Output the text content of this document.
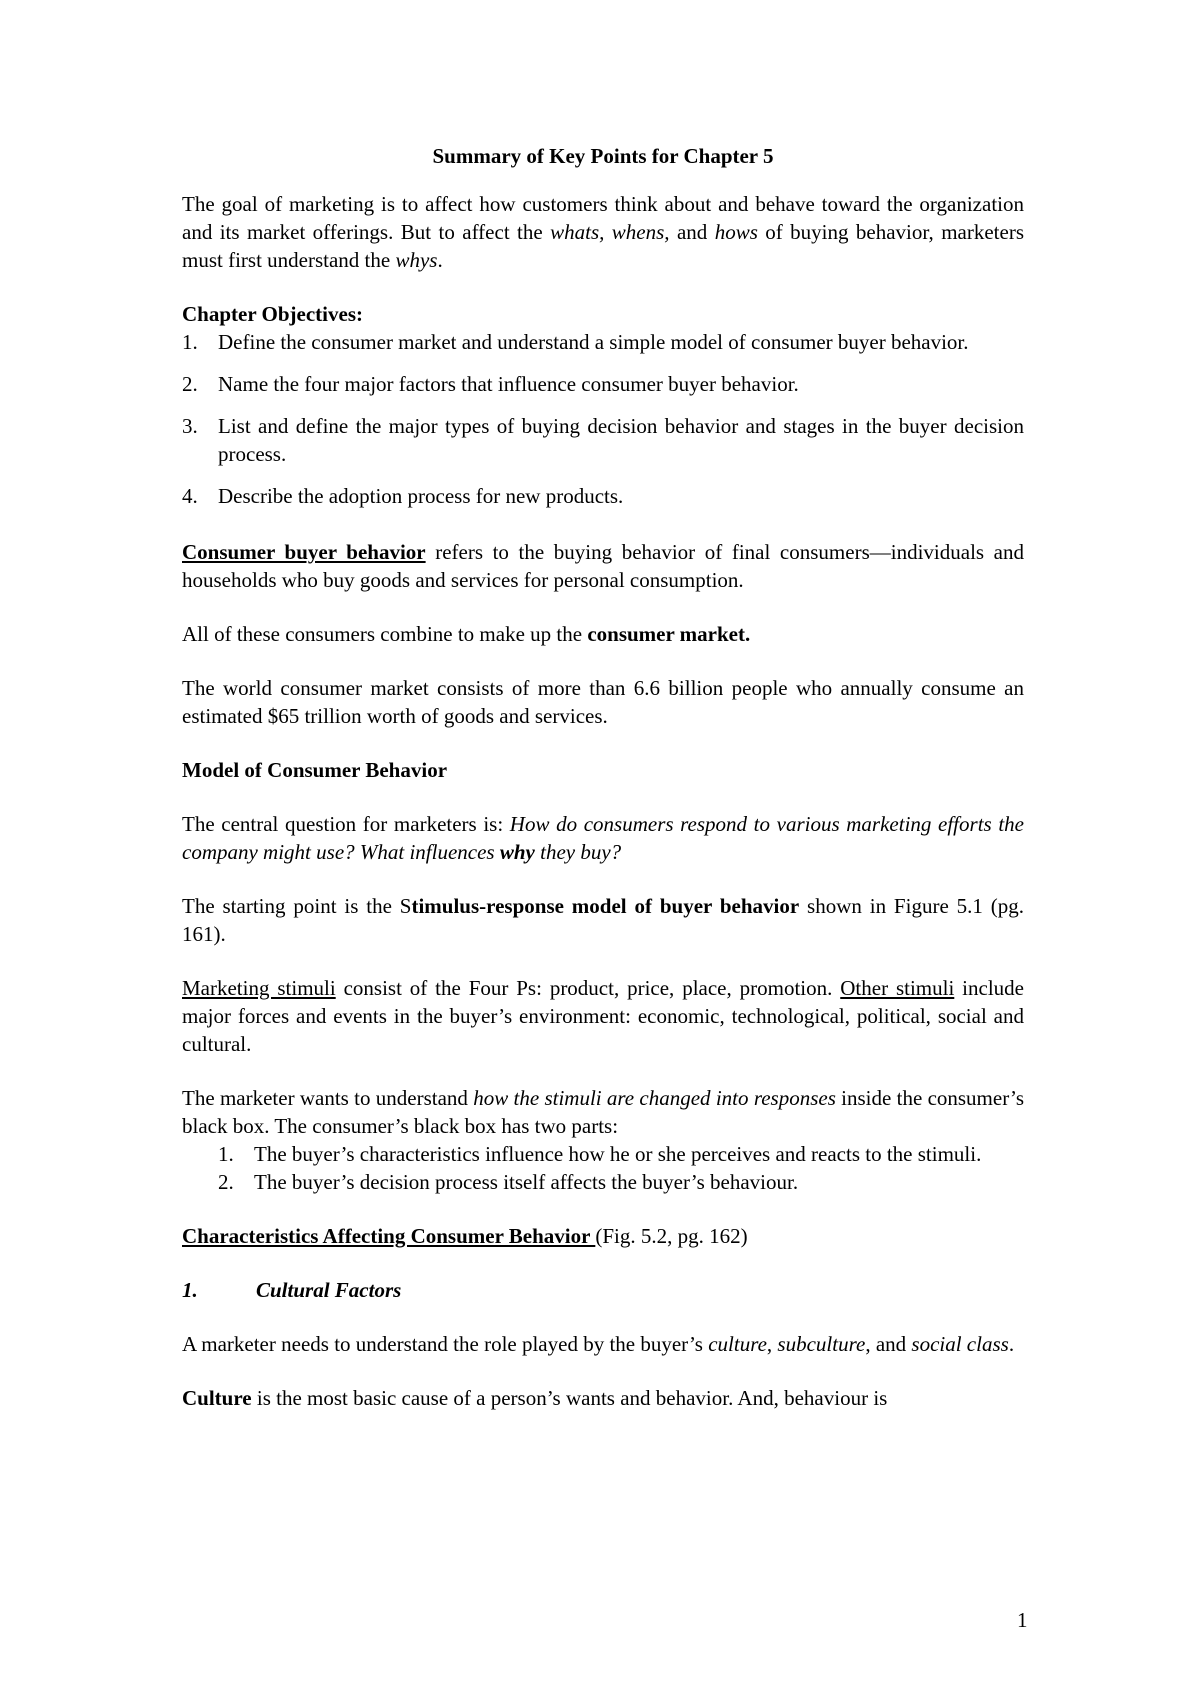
Summary of Key Points for Chapter 5

The goal of marketing is to affect how customers think about and behave toward the organization and its market offerings. But to affect the whats, whens, and hows of buying behavior, marketers must first understand the whys.

Chapter Objectives:

1. Define the consumer market and understand a simple model of consumer buyer behavior.
2. Name the four major factors that influence consumer buyer behavior.
3. List and define the major types of buying decision behavior and stages in the buyer decision process.
4. Describe the adoption process for new products.

Consumer buyer behavior refers to the buying behavior of final consumers—individuals and households who buy goods and services for personal consumption.

All of these consumers combine to make up the consumer market.

The world consumer market consists of more than 6.6 billion people who annually consume an estimated $65 trillion worth of goods and services.

Model of Consumer Behavior

The central question for marketers is: How do consumers respond to various marketing efforts the company might use? What influences why they buy?

The starting point is the Stimulus-response model of buyer behavior shown in Figure 5.1 (pg. 161).

Marketing stimuli consist of the Four Ps: product, price, place, promotion. Other stimuli include major forces and events in the buyer’s environment: economic, technological, political, social and cultural.

The marketer wants to understand how the stimuli are changed into responses inside the consumer’s black box. The consumer’s black box has two parts:

1. The buyer’s characteristics influence how he or she perceives and reacts to the stimuli.
2. The buyer’s decision process itself affects the buyer’s behaviour.

Characteristics Affecting Consumer Behavior (Fig. 5.2, pg. 162)

1.	Cultural Factors

A marketer needs to understand the role played by the buyer’s culture, subculture, and social class.

Culture is the most basic cause of a person’s wants and behavior. And, behaviour is

1
